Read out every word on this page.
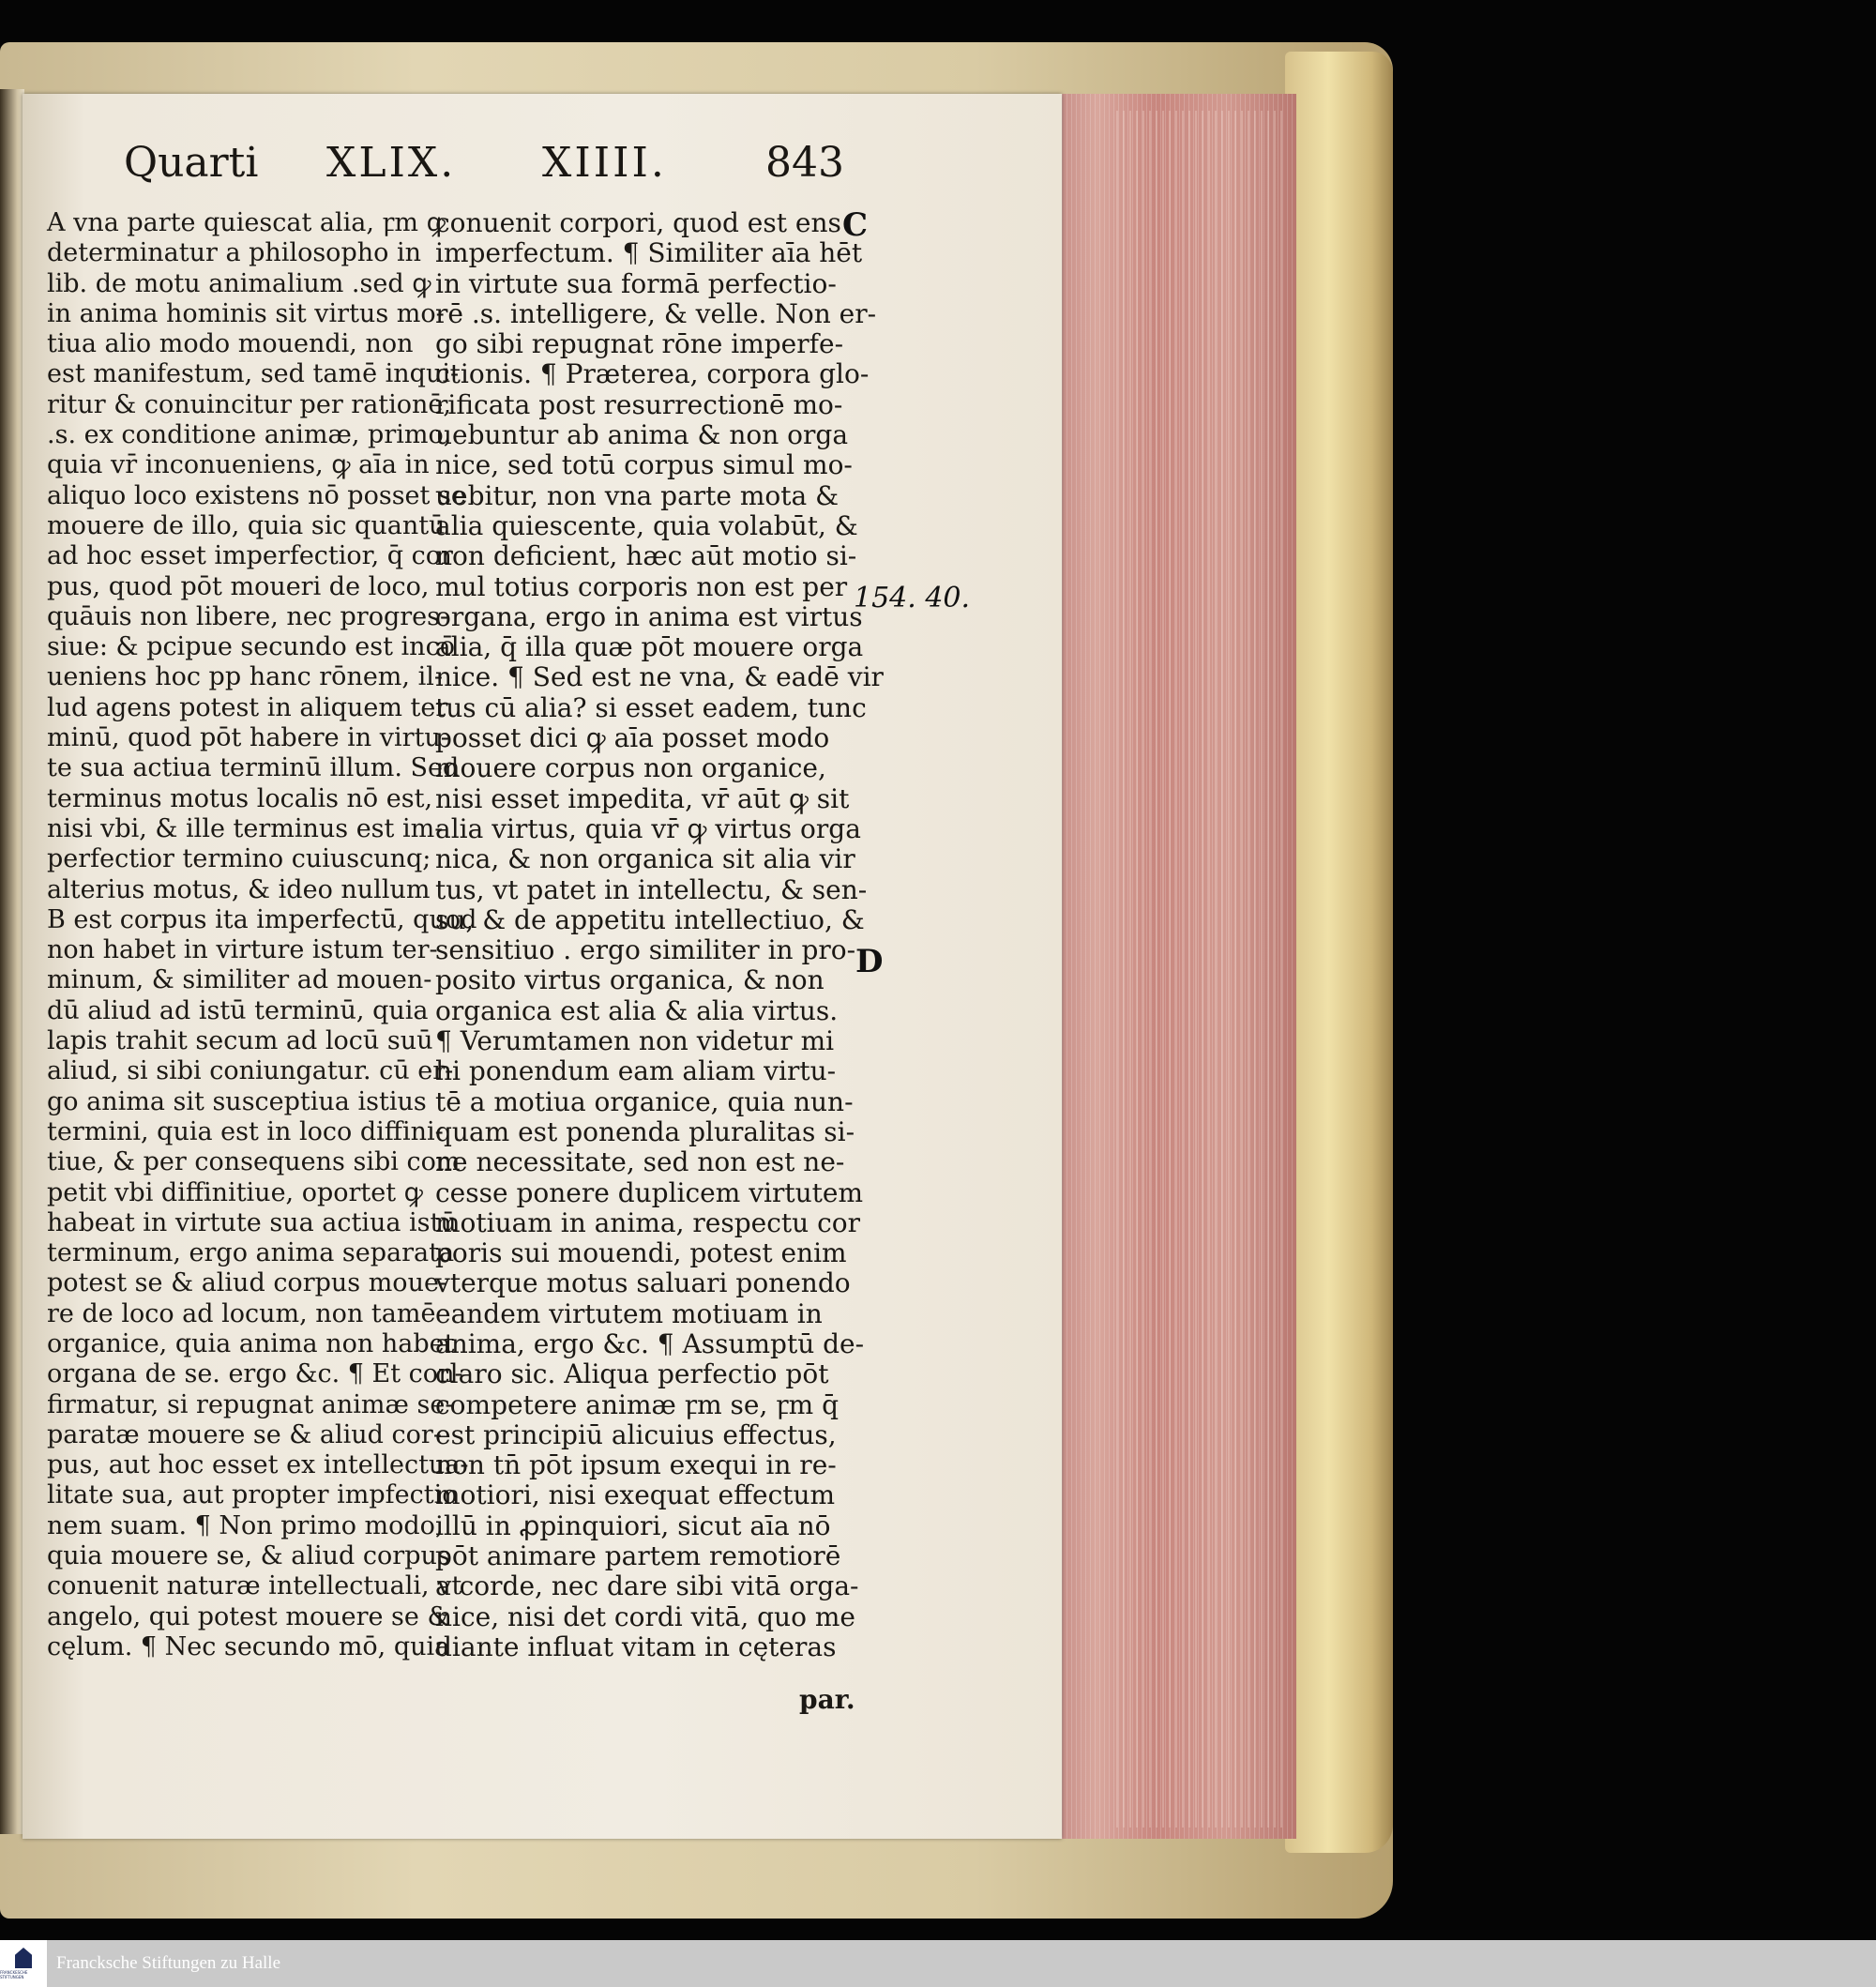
Quarti XLIX. XIIII. 843
A vna parte quiescat alia, ꝼm ꝙ
determinatur a philosopho in
lib. de motu animalium .sed ꝙ
in anima hominis sit virtus mo-
tiua alio modo mouendi, non
est manifestum, sed tamē inqui-
ritur & conuincitur per rationē,
.s. ex conditione animæ, primo,
quia vr̄ inconueniens, ꝙ aīa in
aliquo loco existens nō posset se
mouere de illo, quia sic quantū
ad hoc esset imperfectior, q̄ cor
pus, quod pōt moueri de loco,
quāuis non libere, nec progres-
siue: & pcipue secundo est incō
ueniens hoc pp hanc rōnem, il-
lud agens potest in aliquem ter
minū, quod pōt habere in virtu-
te sua actiua terminū illum. Sed
terminus motus localis nō est,
nisi vbi, & ille terminus est im-
perfectior termino cuiuscunq;
alterius motus, & ideo nullum
B est corpus ita imperfectū, quod
non habet in virture istum ter-
minum, & similiter ad mouen-
dū aliud ad istū terminū, quia
lapis trahit secum ad locū suū
aliud, si sibi coniungatur. cū er-
go anima sit susceptiua istius
termini, quia est in loco diffini-
tiue, & per consequens sibi com
petit vbi diffinitiue, oportet ꝙ
habeat in virtute sua actiua istū
terminum, ergo anima separata
potest se & aliud corpus moue-
re de loco ad locum, non tamē
organice, quia anima non habet
organa de se. ergo &c. ¶ Et con-
firmatur, si repugnat animæ se-
paratæ mouere se & aliud cor-
pus, aut hoc esset ex intellectua-
litate sua, aut propter impfectio
nem suam. ¶ Non primo modo,
quia mouere se, & aliud corpus
conuenit naturæ intellectuali, vt
angelo, qui potest mouere se &
cęlum. ¶ Nec secundo mō, quia
conuenit corpori, quod est ens
imperfectum. ¶ Similiter aīa hēt
in virtute sua formā perfectio-
rē .s. intelligere, & velle. Non er-
go sibi repugnat rōne imperfe-
ctionis. ¶ Præterea, corpora glo-
rificata post resurrectionē mo-
uebuntur ab anima & non orga
nice, sed totū corpus simul mo-
uebitur, non vna parte mota &
alia quiescente, quia volabūt, &
non deficient, hæc aūt motio si-
mul totius corporis non est per
organa, ergo in anima est virtus
alia, q̄ illa quæ pōt mouere orga
nice. ¶ Sed est ne vna, & eadē vir
tus cū alia? si esset eadem, tunc
posset dici ꝙ aīa posset modo
mouere corpus non organice,
nisi esset impedita, vr̄ aūt ꝙ sit
alia virtus, quia vr̄ ꝙ virtus orga
nica, & non organica sit alia vir
tus, vt patet in intellectu, & sen-
su, & de appetitu intellectiuo, &
sensitiuo . ergo similiter in pro-
posito virtus organica, & non
organica est alia & alia virtus.
¶ Verumtamen non videtur mi
hi ponendum eam aliam virtu-
tē a motiua organice, quia nun-
quam est ponenda pluralitas si-
ne necessitate, sed non est ne-
cesse ponere duplicem virtutem
motiuam in anima, respectu cor
poris sui mouendi, potest enim
vterque motus saluari ponendo
eandem virtutem motiuam in
anima, ergo &c. ¶ Assumptū de-
claro sic. Aliqua perfectio pōt
competere animæ ꝼm se, ꝼm q̄
est principiū alicuius effectus,
non tn̄ pōt ipsum exequi in re-
motiori, nisi exequat effectum
illū in ꝓpinquiori, sicut aīa nō
pōt animare partem remotiorē
a corde, nec dare sibi vitā orga-
nice, nisi det cordi vitā, quo me
diante influat vitam in cęteras
C
D
154. 40.
par.
FRANCKESCHE STIFTUNGEN
Francksche Stiftungen zu Halle
